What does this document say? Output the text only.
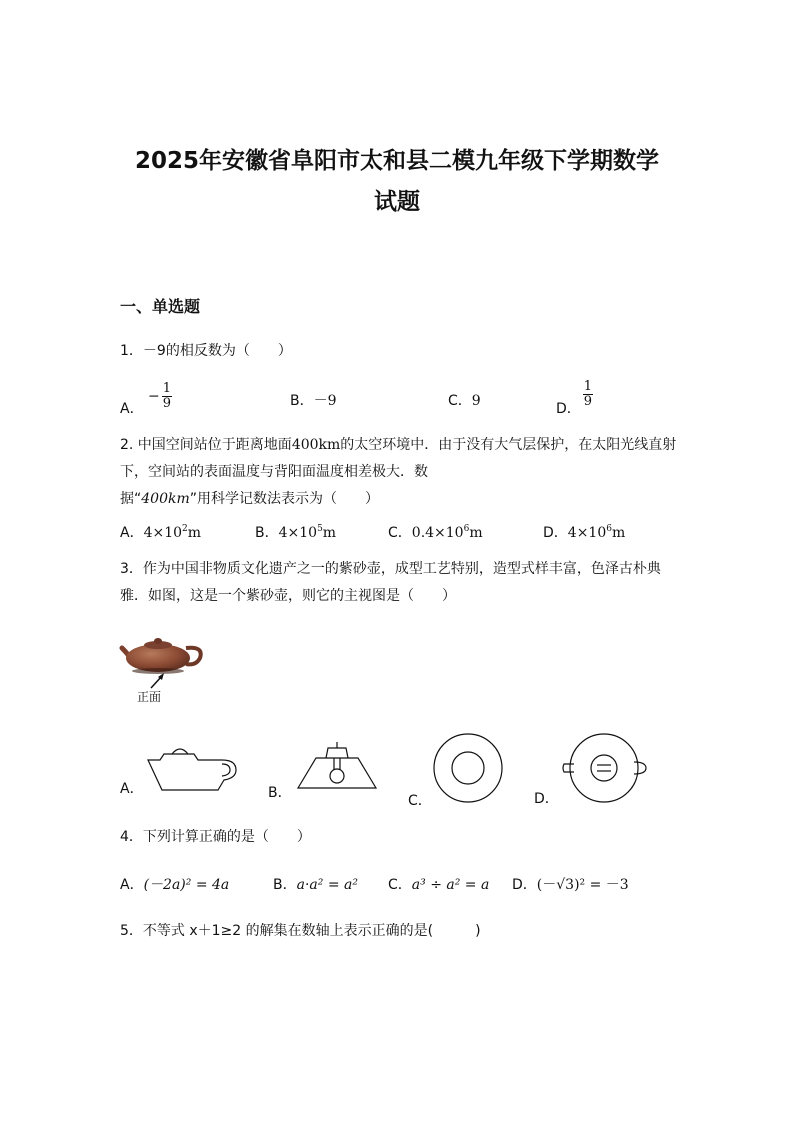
2025年安徽省阜阳市太和县二模九年级下学期数学
试题
一、单选题
1．－9的相反数为（　　）
A． − $\frac{1}{9}$	B．－9	C．9	D． $\frac{1}{9}$
2. 中国空间站位于距离地面400km的太空环境中．由于没有大气层保护，在太阳光线直射下，空间站的表面温度与背阳面温度相差极大．数据“400km”用科学记数法表示为（　　）
A．$4\times 10^2m$	B．$4\times 10^5m$	C．$0.4\times 10^6m$	D．$4\times 10^6m$
3．作为中国非物质文化遗产之一的紫砂壶，成型工艺特别，造型式样丰富，色泽古朴典雅．如图，这是一个紫砂壶，则它的主视图是（　　）
正面
A．	B．	C．	D．
4．下列计算正确的是（　　）
A．(－2a)² = 4a	B．a·a² = a² C．a³ ÷ a² = a D．(－√3)² = －3
5．不等式 x＋1≥2 的解集在数轴上表示正确的是(　　　)
